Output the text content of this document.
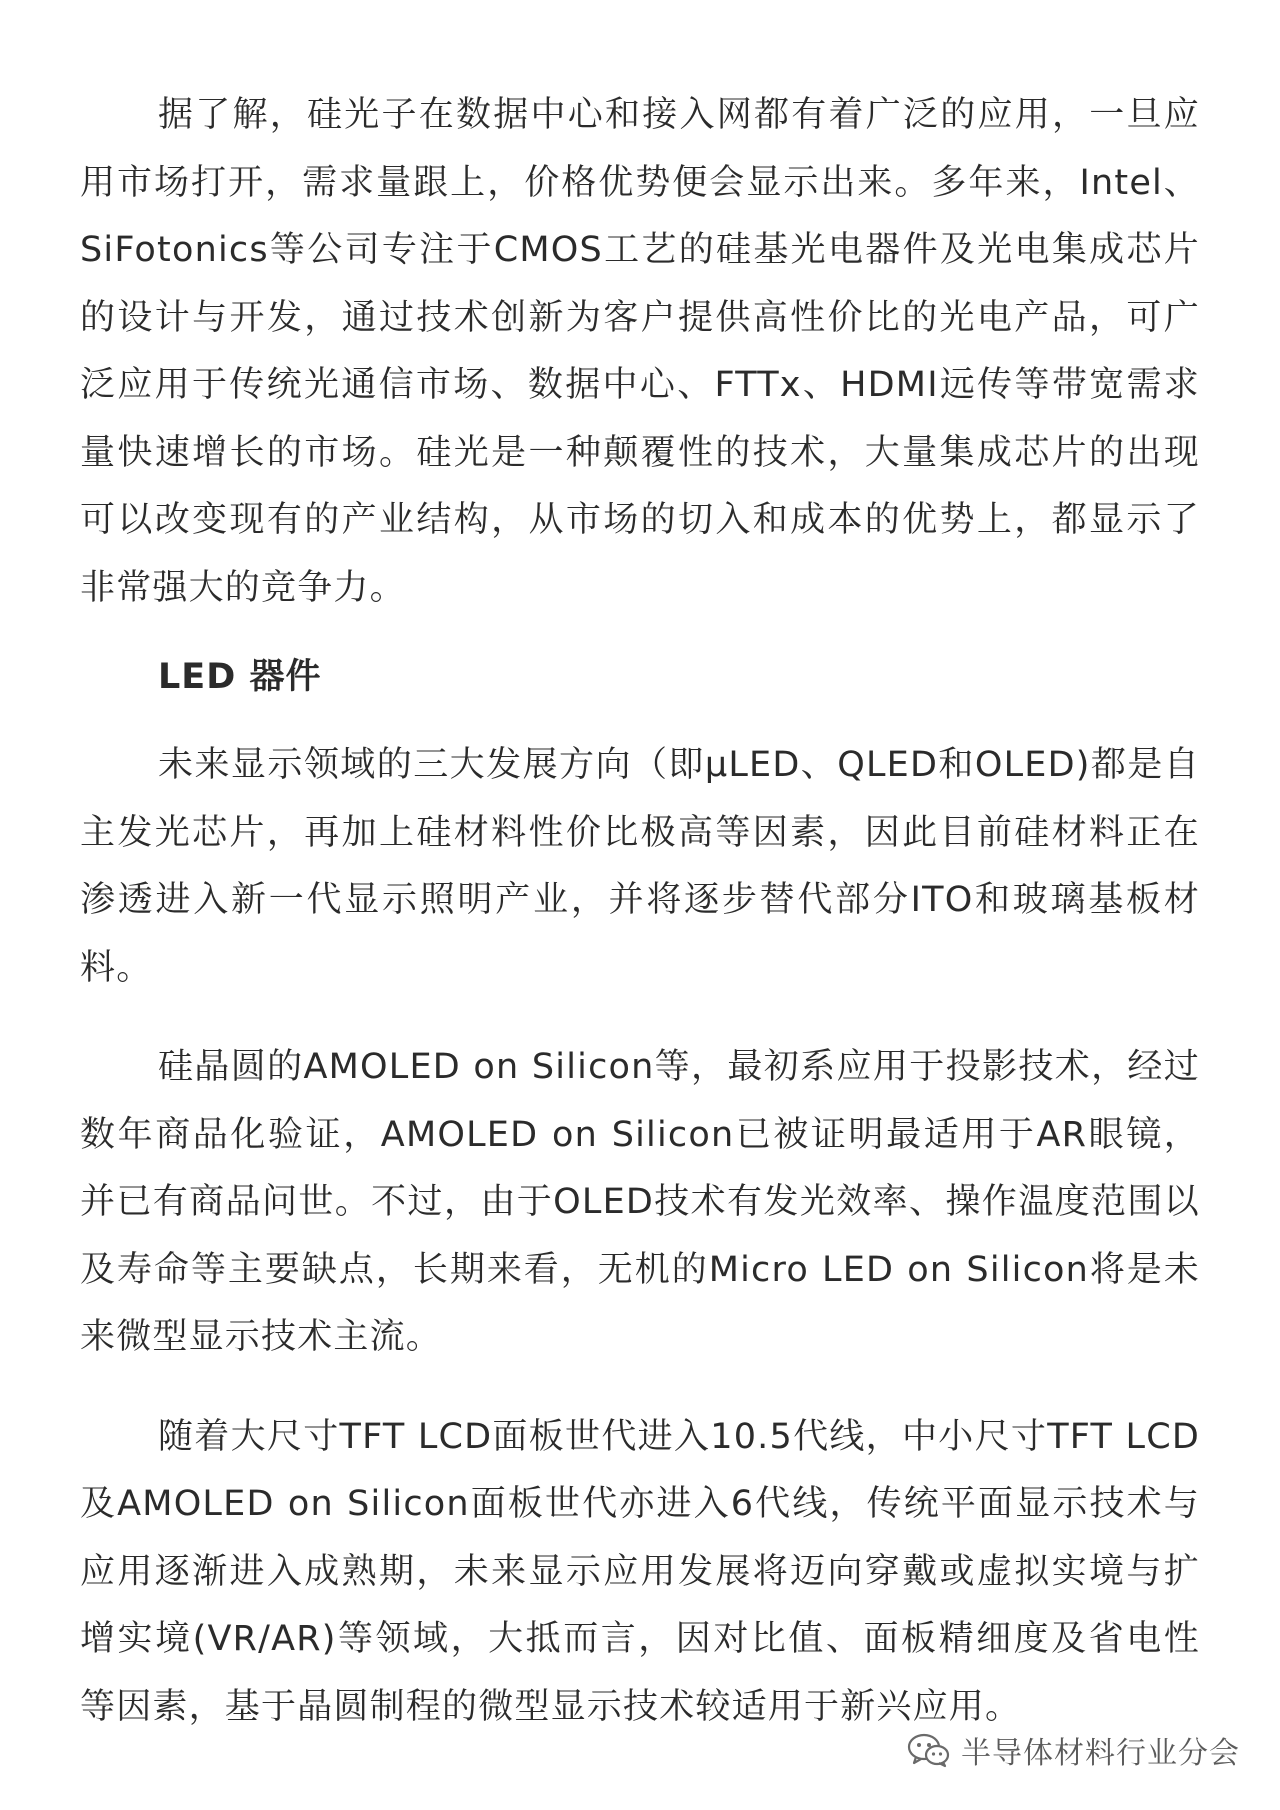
据了解，硅光子在数据中心和接入网都有着广泛的应用，一旦应用市场打开，需求量跟上，价格优势便会显示出来。多年来，Intel、SiFotonics等公司专注于CMOS工艺的硅基光电器件及光电集成芯片的设计与开发，通过技术创新为客户提供高性价比的光电产品，可广泛应用于传统光通信市场、数据中心、FTTx、HDMI远传等带宽需求量快速增长的市场。硅光是一种颠覆性的技术，大量集成芯片的出现可以改变现有的产业结构，从市场的切入和成本的优势上，都显示了非常强大的竞争力。

LED 器件

未来显示领域的三大发展方向（即μLED、QLED和OLED)都是自主发光芯片，再加上硅材料性价比极高等因素，因此目前硅材料正在渗透进入新一代显示照明产业，并将逐步替代部分ITO和玻璃基板材料。

硅晶圆的AMOLED on Silicon等，最初系应用于投影技术，经过数年商品化验证，AMOLED on Silicon已被证明最适用于AR眼镜，并已有商品问世。不过，由于OLED技术有发光效率、操作温度范围以及寿命等主要缺点，长期来看，无机的Micro LED on Silicon将是未来微型显示技术主流。

随着大尺寸TFT LCD面板世代进入10.5代线，中小尺寸TFT LCD及AMOLED on Silicon面板世代亦进入6代线，传统平面显示技术与应用逐渐进入成熟期，未来显示应用发展将迈向穿戴或虚拟实境与扩增实境(VR/AR)等领域，大抵而言，因对比值、面板精细度及省电性等因素，基于晶圆制程的微型显示技术较适用于新兴应用。

半导体材料行业分会
